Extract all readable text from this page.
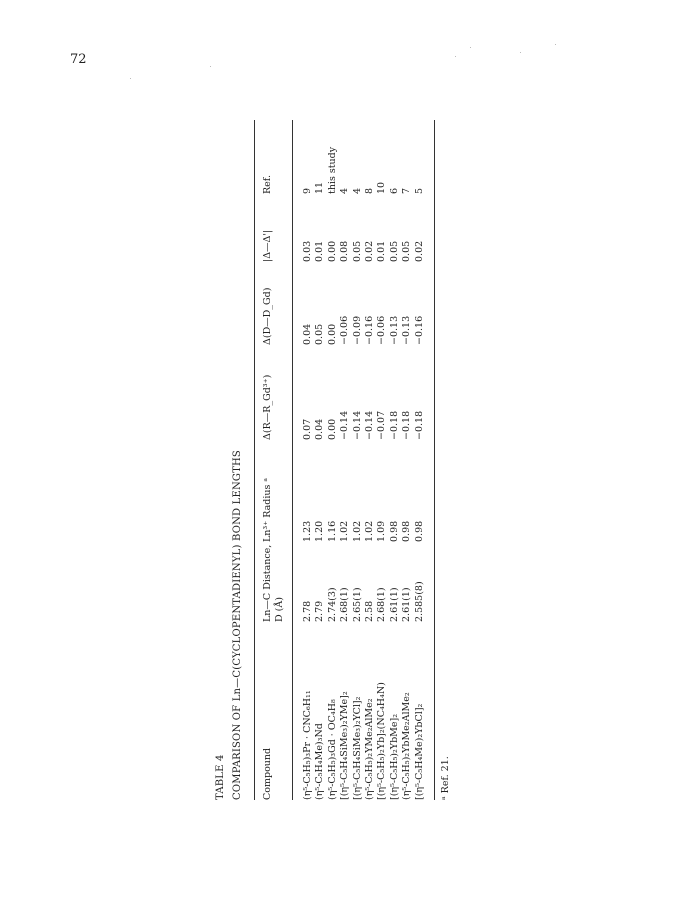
72
TABLE 4 COMPARISON OF Ln—C(CYCLOPENTADIENYL) BOND LENGTHS Compound
Ln—C Distance, D (Å)
Ln³⁺ Radius ᵃ
Δ(R—R_Gd³⁺)
Δ(D—D_Gd)
|Δ—Δ'|
Ref.
(η⁵-C₅H₅)₃Pr · CNC₆H₁₁
2.78
1.23
0.07
0.04
0.03
9
(η⁵-C₅H₄Me)₃Nd
2.79
1.20
0.04
0.05
0.01
11
(η⁵-C₅H₅)₃Gd · OC₄H₈
2.74(3)
1.16
0.00
0.00
0.00
this study
[(η⁵-C₅H₄SiMe₃)₂YMe]₂
2.68(1)
1.02
−0.14
−0.06
0.08
4
[(η⁵-C₅H₄SiMe₃)₂YCl]₂
2.65(1)
1.02
−0.14
−0.09
0.05
4
(η⁵-C₅H₅)₂YMe₂AlMe₂
2.58
1.02
−0.14
−0.16
0.02
8
[(η⁵-C₅H₅)₂Yb]₂(NC₄H₄N)
2.68(1)
1.09
−0.07
−0.06
0.01
10
[(η⁵-C₅H₅)₂YbMe]₂
2.61(1)
0.98
−0.18
−0.13
0.05
6
(η⁵-C₅H₅)₂YbMe₂AlMe₂
2.61(1)
0.98
−0.18
−0.13
0.05
7
[(η⁵-C₅H₄Me)₂YbCl]₂
2.585(8)
0.98
−0.18
−0.16
0.02
5
ᵃ Ref. 21.
